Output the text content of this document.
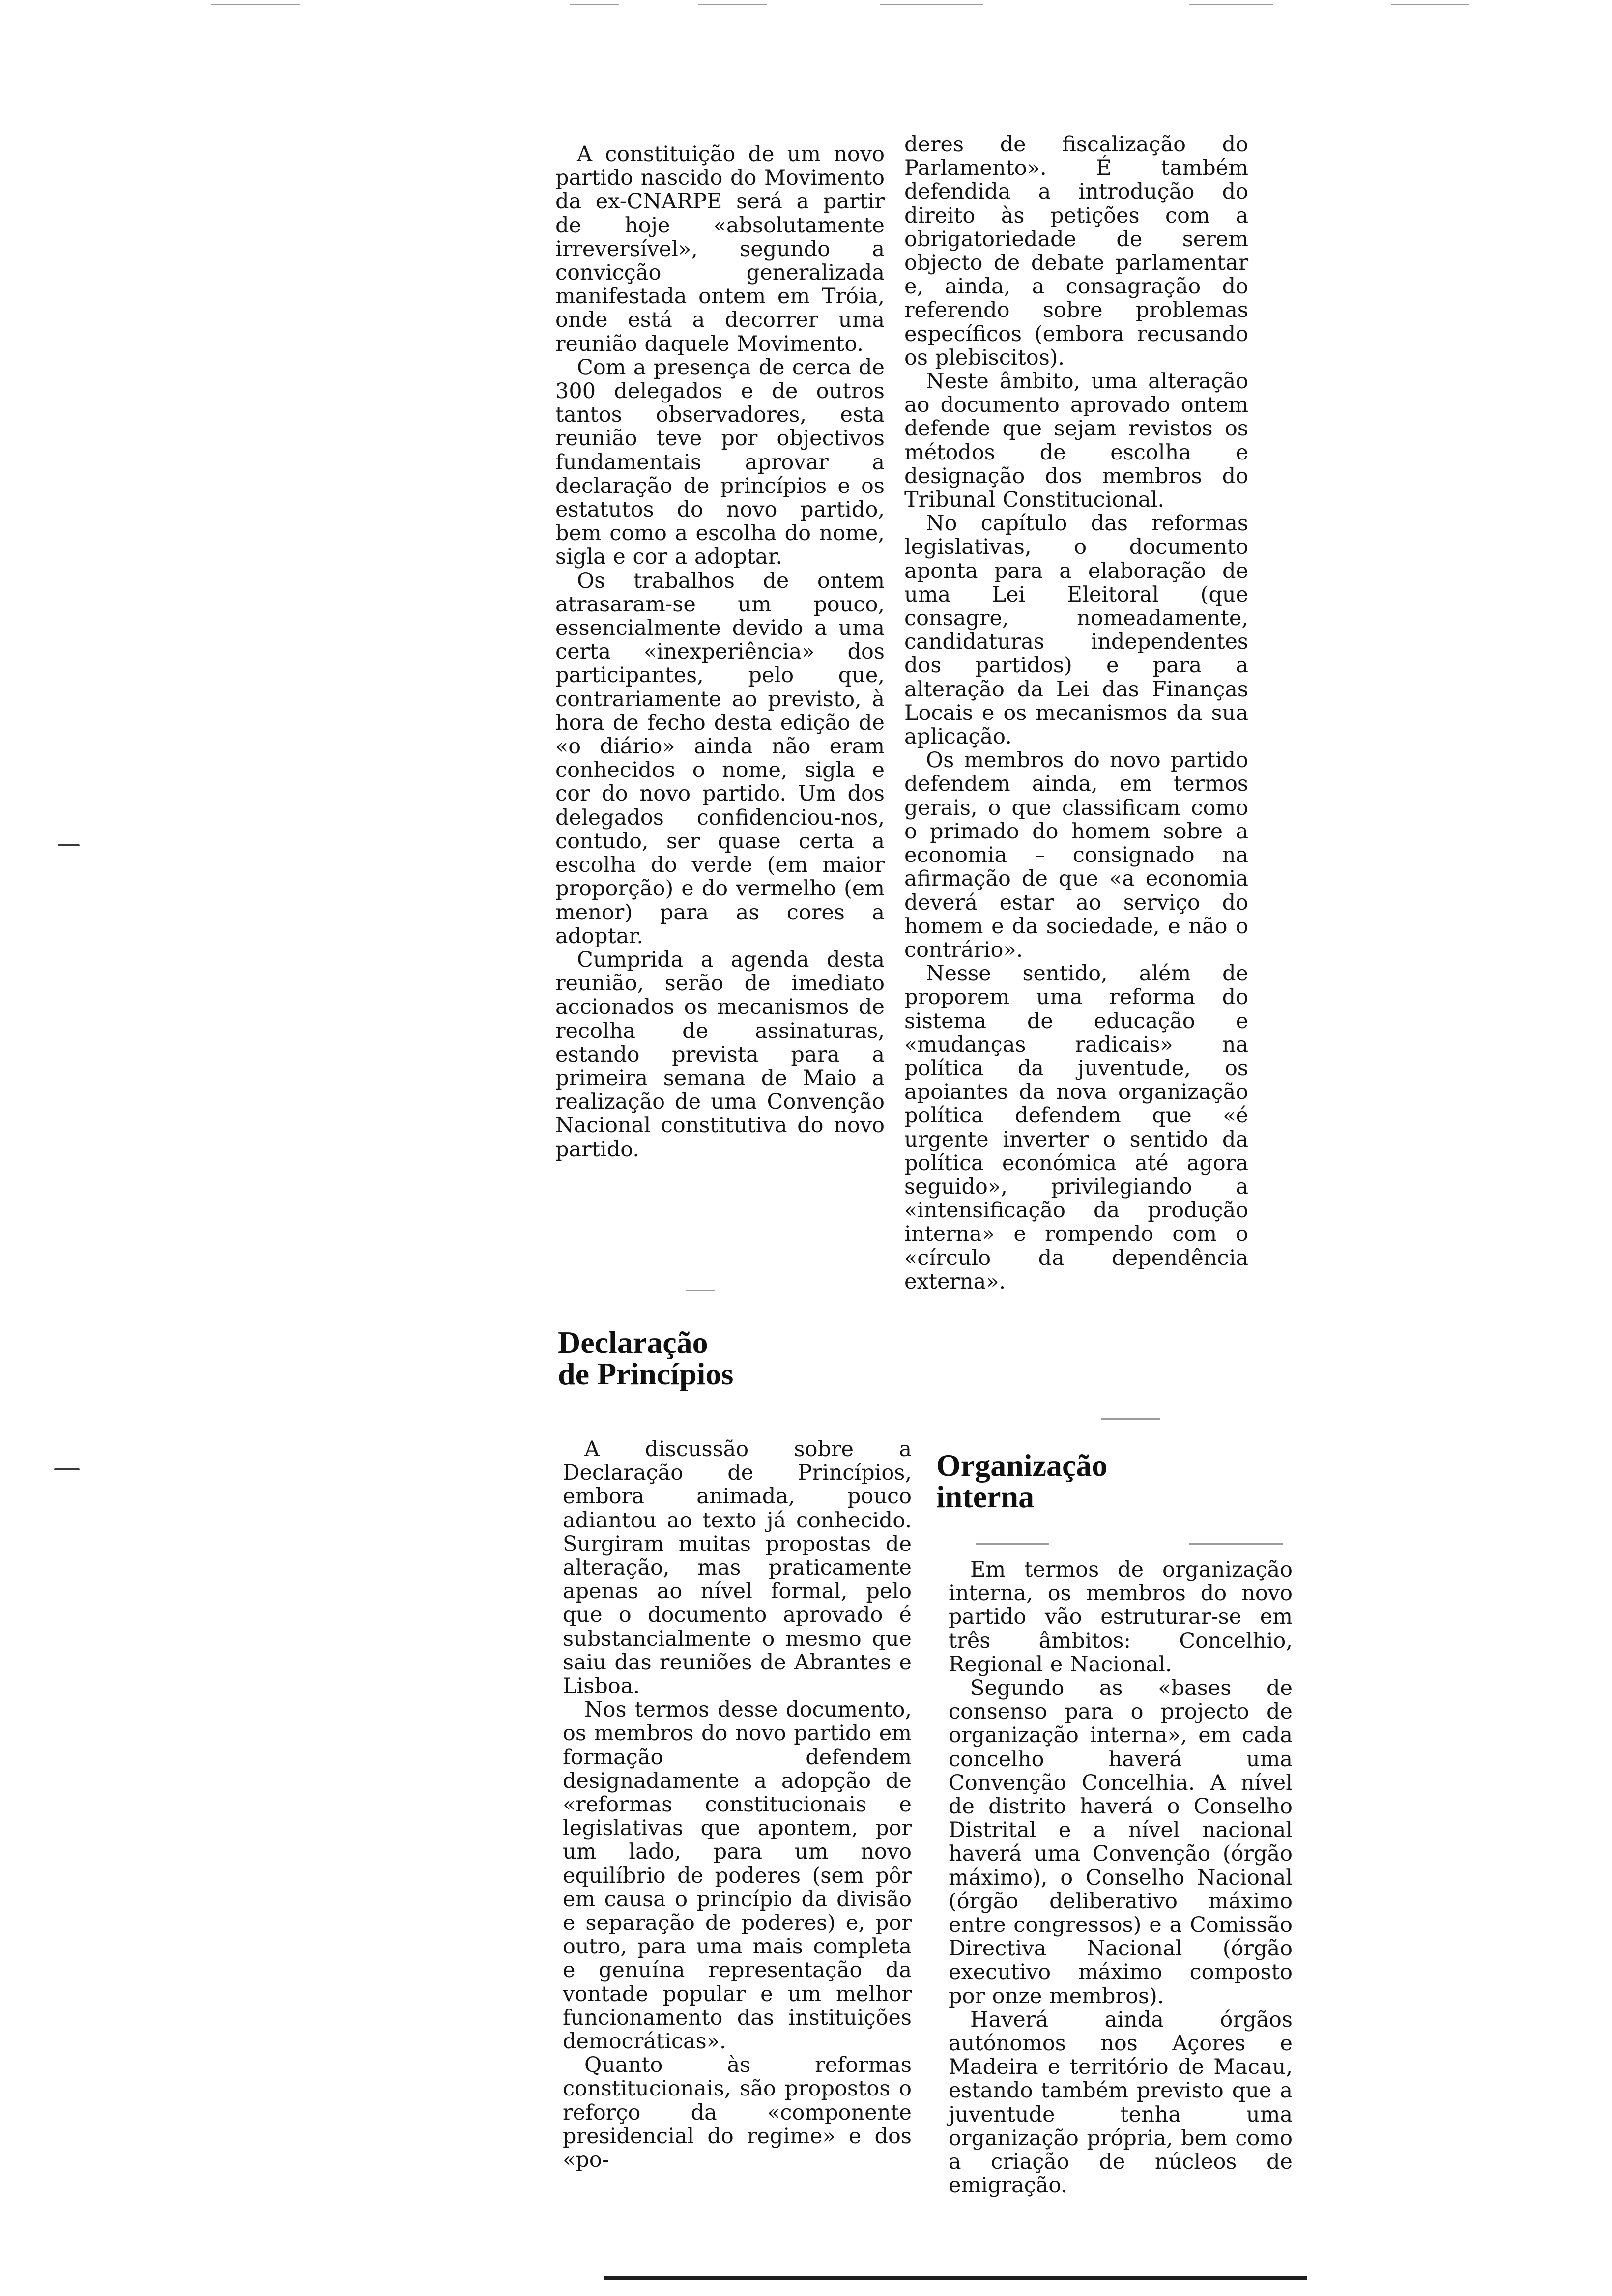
A constituição de um novo partido nascido do Movimento da ex-CNARPE será a partir de hoje «absolutamente irreversível», segundo a convicção generalizada manifestada ontem em Tróia, onde está a decorrer uma reunião daquele Movimento.

Com a presença de cerca de 300 delegados e de outros tantos observadores, esta reunião teve por objectivos fundamentais aprovar a declaração de princípios e os estatutos do novo partido, bem como a escolha do nome, sigla e cor a adoptar.

Os trabalhos de ontem atrasaram-se um pouco, essencialmente devido a uma certa «inexperiência» dos participantes, pelo que, contrariamente ao previsto, à hora de fecho desta edição de «o diário» ainda não eram conhecidos o nome, sigla e cor do novo partido. Um dos delegados confidenciou-nos, contudo, ser quase certa a escolha do verde (em maior proporção) e do vermelho (em menor) para as cores a adoptar.

Cumprida a agenda desta reunião, serão de imediato accionados os mecanismos de recolha de assinaturas, estando prevista para a primeira semana de Maio a realização de uma Convenção Nacional constitutiva do novo partido.

Declaração
de Princípios

A discussão sobre a Declaração de Princípios, embora animada, pouco adiantou ao texto já conhecido. Surgiram muitas propostas de alteração, mas praticamente apenas ao nível formal, pelo que o documento aprovado é substancialmente o mesmo que saiu das reuniões de Abrantes e Lisboa.

Nos termos desse documento, os membros do novo partido em formação defendem designadamente a adopção de «reformas constitucionais e legislativas que apontem, por um lado, para um novo equilíbrio de poderes (sem pôr em causa o princípio da divisão e separação de poderes) e, por outro, para uma mais completa e genuína representação da vontade popular e um melhor funcionamento das instituições democráticas».

Quanto às reformas constitucionais, são propostos o reforço da «componente presidencial do regime» e dos «po-

deres de fiscalização do Parlamento». É também defendida a introdução do direito às petições com a obrigatoriedade de serem objecto de debate parlamentar e, ainda, a consagração do referendo sobre problemas específicos (embora recusando os plebiscitos).

Neste âmbito, uma alteração ao documento aprovado ontem defende que sejam revistos os métodos de escolha e designação dos membros do Tribunal Constitucional.

No capítulo das reformas legislativas, o documento aponta para a elaboração de uma Lei Eleitoral (que consagre, nomeadamente, candidaturas independentes dos partidos) e para a alteração da Lei das Finanças Locais e os mecanismos da sua aplicação.

Os membros do novo partido defendem ainda, em termos gerais, o que classificam como o primado do homem sobre a economia – consignado na afirmação de que «a economia deverá estar ao serviço do homem e da sociedade, e não o contrário».

Nesse sentido, além de proporem uma reforma do sistema de educação e «mudanças radicais» na política da juventude, os apoiantes da nova organização política defendem que «é urgente inverter o sentido da política económica até agora seguido», privilegiando a «intensificação da produção interna» e rompendo com o «círculo da dependência externa».

Organização
interna

Em termos de organização interna, os membros do novo partido vão estruturar-se em três âmbitos: Concelhio, Regional e Nacional.

Segundo as «bases de consenso para o projecto de organização interna», em cada concelho haverá uma Convenção Concelhia. A nível de distrito haverá o Conselho Distrital e a nível nacional haverá uma Convenção (órgão máximo), o Conselho Nacional (órgão deliberativo máximo entre congressos) e a Comissão Directiva Nacional (órgão executivo máximo composto por onze membros).

Haverá ainda órgãos autónomos nos Açores e Madeira e território de Macau, estando também previsto que a juventude tenha uma organização própria, bem como a criação de núcleos de emigração.
